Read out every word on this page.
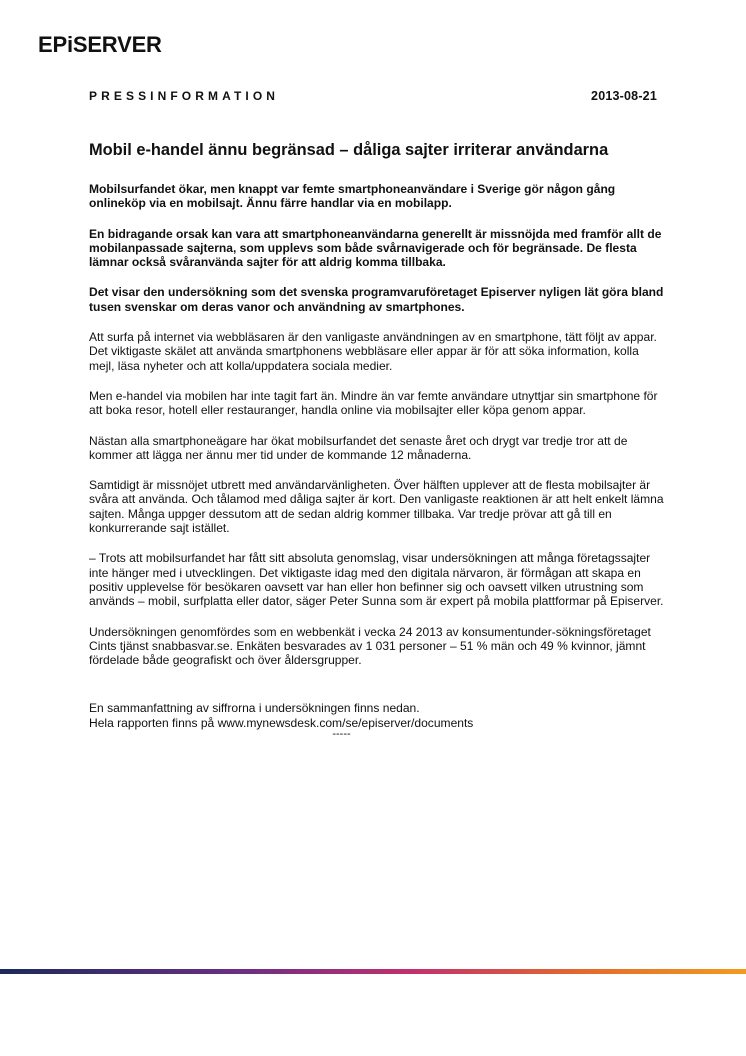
EPiSERVER
PRESSINFORMATION	2013-08-21
Mobil e-handel ännu begränsad – dåliga sajter irriterar användarna

Mobilsurfandet ökar, men knappt var femte smartphoneanvändare i Sverige gör någon gång onlineköp via en mobilsajt. Ännu färre handlar via en mobilapp.

En bidragande orsak kan vara att smartphoneanvändarna generellt är missnöjda med framför allt de mobilanpassade sajterna, som upplevs som både svårnavigerade och för begränsade. De flesta lämnar också svåranvända sajter för att aldrig komma tillbaka.

Det visar den undersökning som det svenska programvaruföretaget Episerver nyligen lät göra bland tusen svenskar om deras vanor och användning av smartphones.

Att surfa på internet via webbläsaren är den vanligaste användningen av en smartphone, tätt följt av appar. Det viktigaste skälet att använda smartphonens webbläsare eller appar är för att söka information, kolla mejl, läsa nyheter och att kolla/uppdatera sociala medier.

Men e-handel via mobilen har inte tagit fart än. Mindre än var femte användare utnyttjar sin smartphone för att boka resor, hotell eller restauranger, handla online via mobilsajter eller köpa genom appar.

Nästan alla smartphoneägare har ökat mobilsurfandet det senaste året och drygt var tredje tror att de kommer att lägga ner ännu mer tid under de kommande 12 månaderna.

Samtidigt är missnöjet utbrett med användarvänligheten. Över hälften upplever att de flesta mobilsajter är svåra att använda. Och tålamod med dåliga sajter är kort. Den vanligaste reaktionen är att helt enkelt lämna sajten. Många uppger dessutom att de sedan aldrig kommer tillbaka. Var tredje prövar att gå till en konkurrerande sajt istället.

– Trots att mobilsurfandet har fått sitt absoluta genomslag, visar undersökningen att många företagssajter inte hänger med i utvecklingen. Det viktigaste idag med den digitala närvaron, är förmågan att skapa en positiv upplevelse för besökaren oavsett var han eller hon befinner sig och oavsett vilken utrustning som används – mobil, surfplatta eller dator, säger Peter Sunna som är expert på mobila plattformar på Episerver.

Undersökningen genomfördes som en webbenkät i vecka 24 2013 av konsumentunder-sökningsföretaget Cints tjänst snabbasvar.se. Enkäten besvarades av 1 031 personer – 51 % män och 49 % kvinnor, jämnt fördelade både geografiskt och över åldersgrupper.

En sammanfattning av siffrorna i undersökningen finns nedan.
Hela rapporten finns på www.mynewsdesk.com/se/episerver/documents
-----
